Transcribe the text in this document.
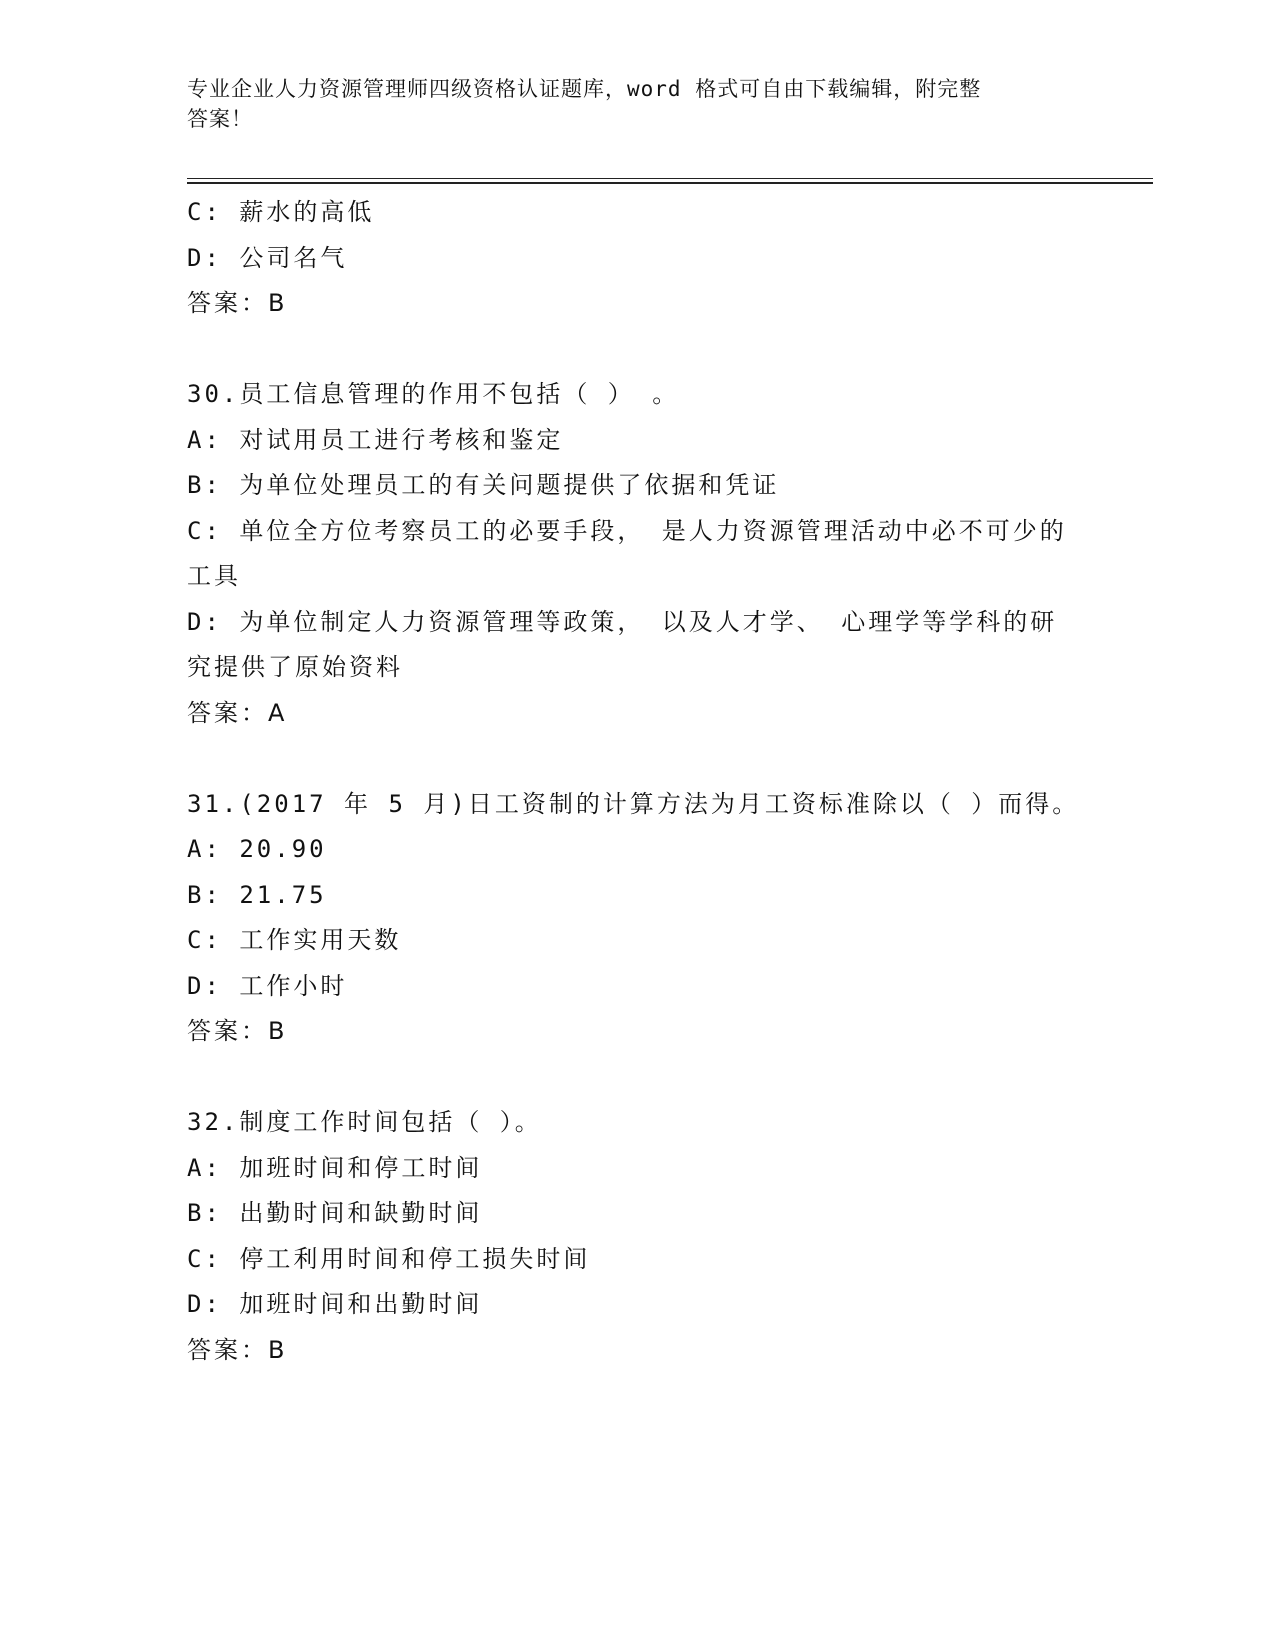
专业企业人力资源管理师四级资格认证题库，word 格式可自由下载编辑，附完整
答案！

C: 薪水的高低

D: 公司名气

答案：B

30.员工信息管理的作用不包括（ ） 。

A: 对试用员工进行考核和鉴定

B: 为单位处理员工的有关问题提供了依据和凭证

C: 单位全方位考察员工的必要手段， 是人力资源管理活动中必不可少的工具

D: 为单位制定人力资源管理等政策， 以及人才学、 心理学等学科的研究提供了原始资料

答案：A

31.(2017 年 5 月)日工资制的计算方法为月工资标准除以（ ）而得。

A: 20.90

B: 21.75

C: 工作实用天数

D: 工作小时

答案：B

32.制度工作时间包括（ ）。

A: 加班时间和停工时间

B: 出勤时间和缺勤时间

C: 停工利用时间和停工损失时间

D: 加班时间和出勤时间

答案：B
